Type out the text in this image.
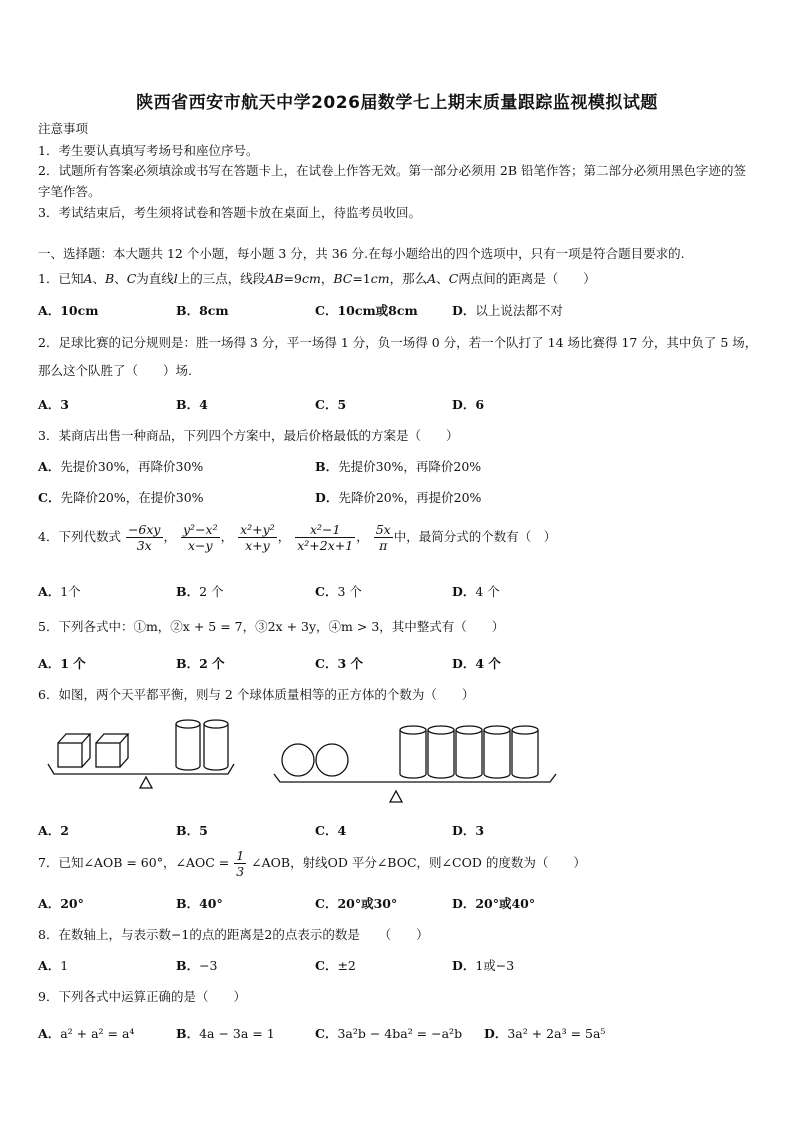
陕西省西安市航天中学2026届数学七上期末质量跟踪监视模拟试题
注意事项
1．考生要认真填写考场号和座位序号。
2．试题所有答案必须填涂或书写在答题卡上，在试卷上作答无效。第一部分必须用 2B 铅笔作答；第二部分必须用黑色字迹的签字笔作答。
3．考试结束后，考生须将试卷和答题卡放在桌面上，待监考员收回。
一、选择题：本大题共 12 个小题，每小题 3 分，共 36 分.在每小题给出的四个选项中，只有一项是符合题目要求的.
1．已知A、B、C为直线l上的三点，线段AB=9cm，BC=1cm，那么A、C两点间的距离是（　　）
A．10cm	B．8cm	C．10cm或8cm	D．以上说法都不对
2．足球比赛的记分规则是：胜一场得 3 分，平一场得 1 分，负一场得 0 分，若一个队打了 14 场比赛得 17 分，其中负了 5 场，那么这个队胜了（　　）场.
A．3	B．4	C．5	D．6
3．某商店出售一种商品，下列四个方案中，最后价格最低的方案是（　　）
A．先提价30%，再降价30%	B．先提价30%，再降价20%
C．先降价20%，在提价30%	D．先降价20%，再提价20%
4．下列代数式 $\frac{-6xy}{3x}$ ， $\frac{\text{y²−x²}}{x-y}$ ， $\frac{\text{x²+y²}}{x+y}$ ， $\frac{\text{x²−1}}{\text{x²+2x+1}}$ ， $\frac{5x}{\pi}$ 中，最简分式的个数有（　）
A．1个	B．2 个	C．3 个	D．4 个
5．下列各式中：①m，②x + 5 = 7，③2x + 3y，④m > 3，其中整式有（　　）
A．1 个	B．2 个	C．3 个	D．4 个
6．如图，两个天平都平衡，则与 2 个球体质量相等的正方体的个数为（　　）
A．2	B．5	C．4	D．3
7．已知∠AOB = 60°，∠AOC = $\frac{1}{3}$ ∠AOB，射线OD 平分∠BOC，则∠COD 的度数为（　　）
A．20°	B．40°	C．20°或30°	D．20°或40°
8．在数轴上，与表示数−1的点的距离是2的点表示的数是　　（　　）
A．1	B．−3	C．±2	D．1或−3
9．下列各式中运算正确的是（　　）
A．a² + a² = a⁴	B．4a − 3a = 1	C．3a²b − 4ba² = −a²b D．3a² + 2a³ = 5a⁵
